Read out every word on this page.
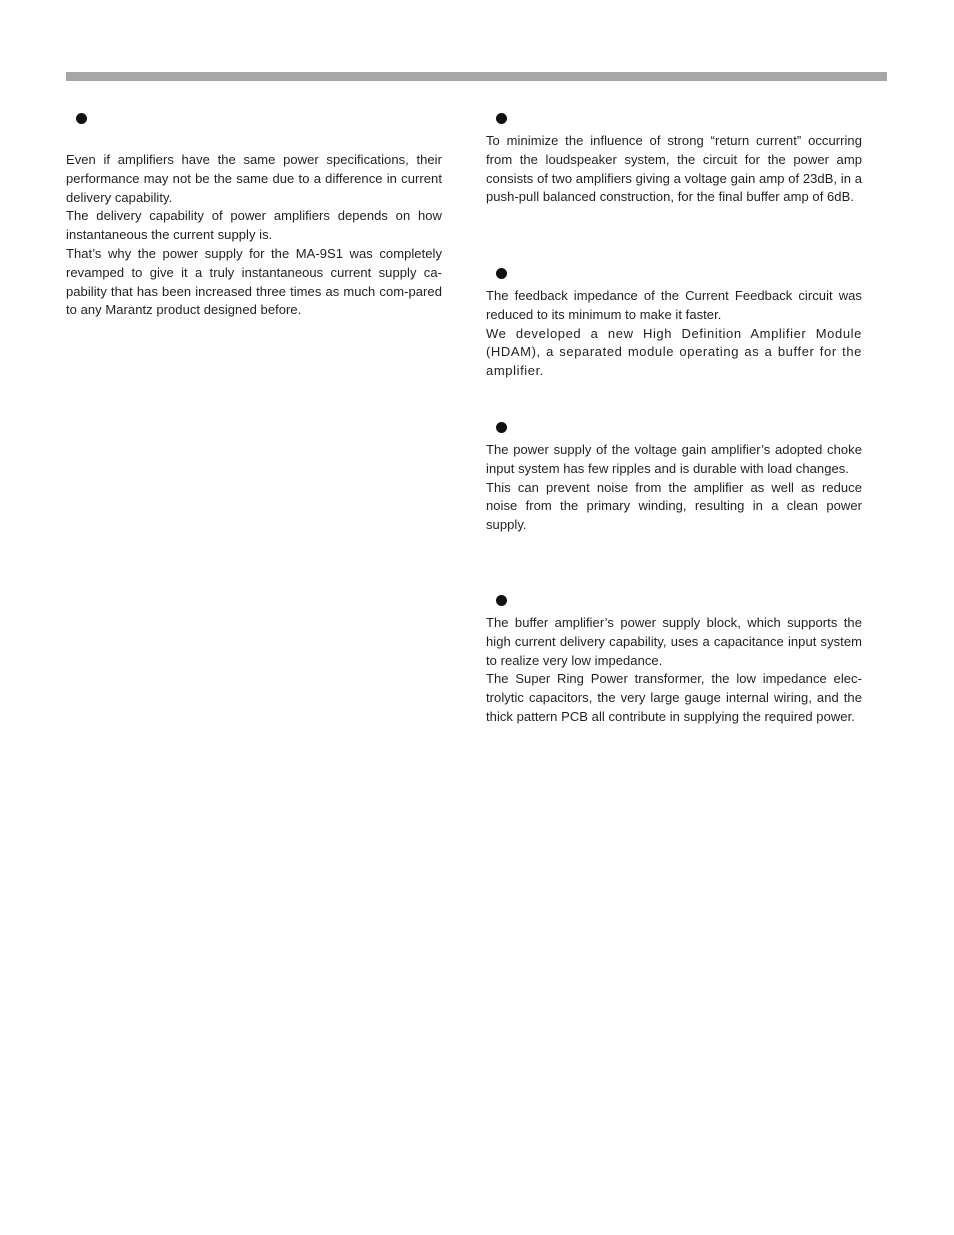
Even if amplifiers have the same power specifications, their performance may not be the same due to a difference in current delivery capability.

The delivery capability of power amplifiers depends on how instantaneous the current supply is.

That’s why the power supply for the MA-9S1 was completely revamped to give it a truly instantaneous current supply ca-pability that has been increased three times as much com-pared to any Marantz product designed before.

To minimize the influence of strong “return current” occurring from the loudspeaker system, the circuit for the power amp consists of two amplifiers giving a voltage gain amp of 23dB, in a push-pull balanced construction, for the final buffer amp of 6dB.

The feedback impedance of the Current Feedback circuit was reduced to its minimum to make it faster.

We developed a new High Definition Amplifier Module (HDAM), a separated module operating as a buffer for the amplifier.

The power supply of the voltage gain amplifier’s adopted choke input system has few ripples and is durable with load changes.

This can prevent noise from the amplifier as well as reduce noise from the primary winding, resulting in a clean power supply.

The buffer amplifier’s power supply block, which supports the high current delivery capability, uses a capacitance input system to realize very low impedance.

The Super Ring Power transformer, the low impedance elec-trolytic capacitors, the very large gauge internal wiring, and the thick pattern PCB all contribute in supplying the required power.
